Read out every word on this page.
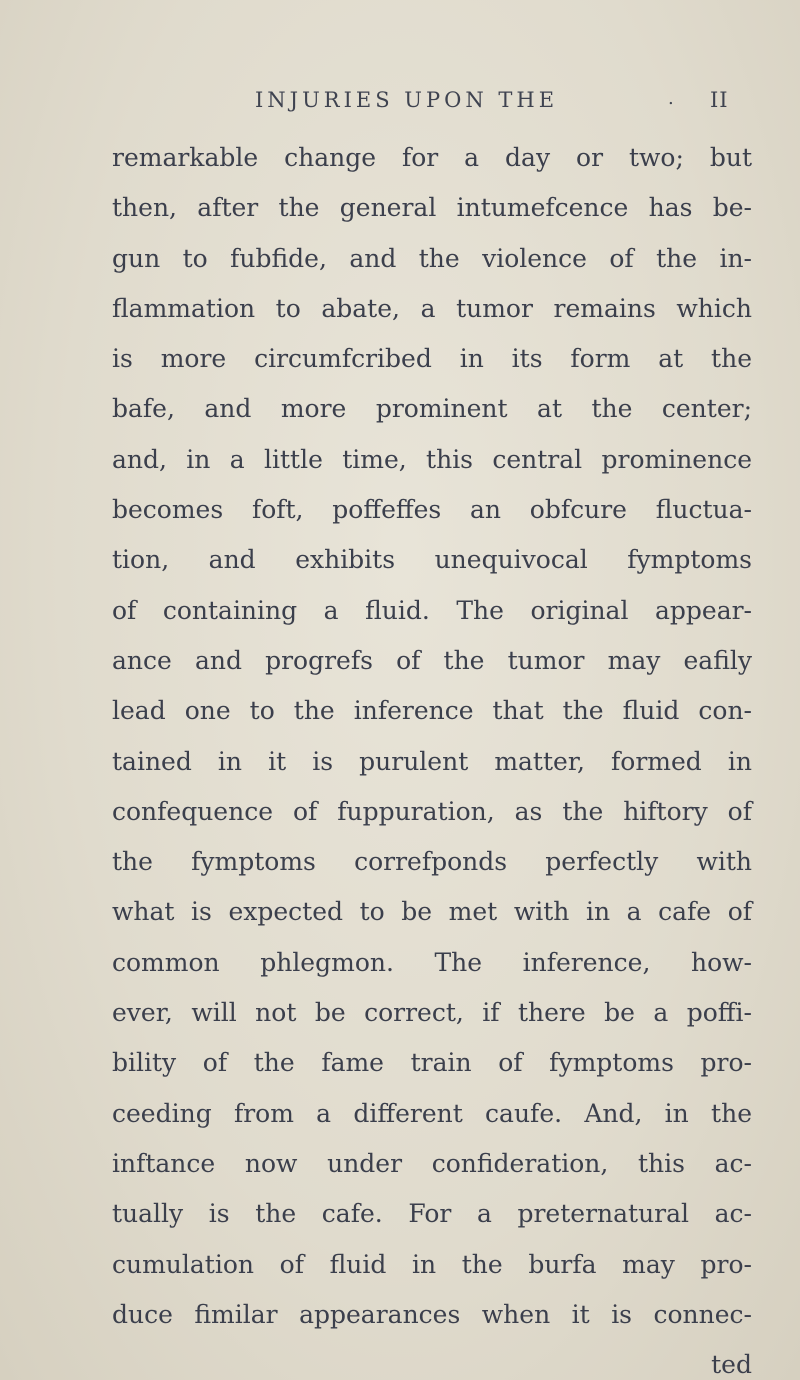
INJURIES UPON THE	. II
remarkable change for a day or two; but
then, after the general intumefcence has be-
gun to fubfide, and the violence of the in-
flammation to abate, a tumor remains which
is more circumfcribed in its form at the
bafe, and more prominent at the center;
and, in a little time, this central prominence
becomes foft, poffeffes an obfcure fluctua-
tion, and exhibits unequivocal fymptoms
of containing a fluid. The original appear-
ance and progrefs of the tumor may eafily
lead one to the inference that the fluid con-
tained in it is purulent matter, formed in
confequence of fuppuration, as the hiftory of
the fymptoms correfponds perfectly with
what is expected to be met with in a cafe of
common phlegmon. The inference, how-
ever, will not be correct, if there be a poffi-
bility of the fame train of fymptoms pro-
ceeding from a different caufe. And, in the
inftance now under confideration, this ac-
tually is the cafe. For a preternatural ac-
cumulation of fluid in the burfa may pro-
duce fimilar appearances when it is connec-
ted
